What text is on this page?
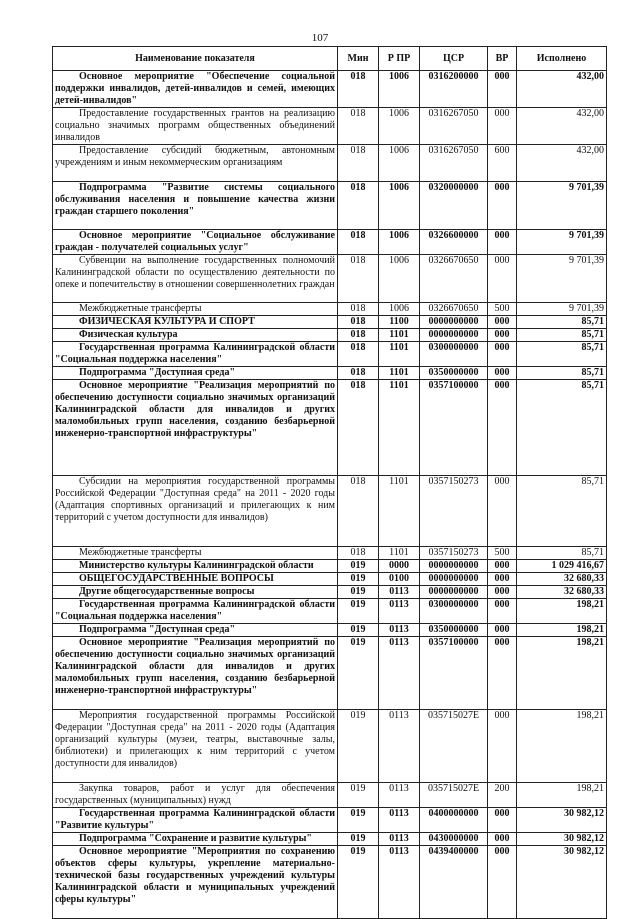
107
Наименование показателя	Мин	Р ПР	ЦСР	ВР	Исполнено
Основное мероприятие "Обеспечение социальной поддержки инвалидов, детей-инвалидов и семей, имеющих детей-инвалидов"	018	1006	0316200000	000	432,00
Предоставление государственных грантов на реализацию социально значимых программ общественных объединений инвалидов	018	1006	0316267050	000	432,00
Предоставление субсидий бюджетным, автономным учреждениям и иным некоммерческим организациям	018	1006	0316267050	600	432,00
Подпрограмма "Развитие системы социального обслуживания населения и повышение качества жизни граждан старшего поколения"	018	1006	0320000000	000	9 701,39
Основное мероприятие "Социальное обслуживание граждан - получателей социальных услуг"	018	1006	0326600000	000	9 701,39
Субвенции на выполнение государственных полномочий Калининградской области по осуществлению деятельности по опеке и попечительству в отношении совершеннолетних граждан	018	1006	0326670650	000	9 701,39
Межбюджетные трансферты	018	1006	0326670650	500	9 701,39
ФИЗИЧЕСКАЯ КУЛЬТУРА И СПОРТ	018	1100	0000000000	000	85,71
Физическая культура	018	1101	0000000000	000	85,71
Государственная программа Калининградской области "Социальная поддержка населения"	018	1101	0300000000	000	85,71
Подпрограмма "Доступная среда"	018	1101	0350000000	000	85,71
Основное мероприятие "Реализация мероприятий по обеспечению доступности социально значимых организаций Калининградской области для инвалидов и других маломобильных групп населения, созданию безбарьерной инженерно-транспортной инфраструктуры"	018	1101	0357100000	000	85,71
Субсидии на мероприятия государственной программы Российской Федерации "Доступная среда" на 2011 - 2020 годы (Адаптация спортивных организаций и прилегающих к ним территорий с учетом доступности для инвалидов)	018	1101	0357150273	000	85,71
Межбюджетные трансферты	018	1101	0357150273	500	85,71
Министерство культуры Калининградской области	019	0000	0000000000	000	1 029 416,67
ОБЩЕГОСУДАРСТВЕННЫЕ ВОПРОСЫ	019	0100	0000000000	000	32 680,33
Другие общегосударственные вопросы	019	0113	0000000000	000	32 680,33
Государственная программа Калининградской области "Социальная поддержка населения"	019	0113	0300000000	000	198,21
Подпрограмма "Доступная среда"	019	0113	0350000000	000	198,21
Основное мероприятие "Реализация мероприятий по обеспечению доступности социально значимых организаций Калининградской области для инвалидов и других маломобильных групп населения, созданию безбарьерной инженерно-транспортной инфраструктуры"	019	0113	0357100000	000	198,21
Мероприятия государственной программы Российской Федерации "Доступная среда" на 2011 - 2020 годы (Адаптация организаций культуры (музеи, театры, выставочные залы, библиотеки) и прилегающих к ним территорий с учетом доступности для инвалидов)	019	0113	035715027E	000	198,21
Закупка товаров, работ и услуг для обеспечения государственных (муниципальных) нужд	019	0113	035715027E	200	198,21
Государственная программа Калининградской области "Развитие культуры"	019	0113	0400000000	000	30 982,12
Подпрограмма "Сохранение и развитие культуры"	019	0113	0430000000	000	30 982,12
Основное мероприятие "Мероприятия по сохранению объектов сферы культуры, укрепление материально-технической базы государственных учреждений культуры Калининградской области и муниципальных учреждений сферы культуры"	019	0113	0439400000	000	30 982,12
